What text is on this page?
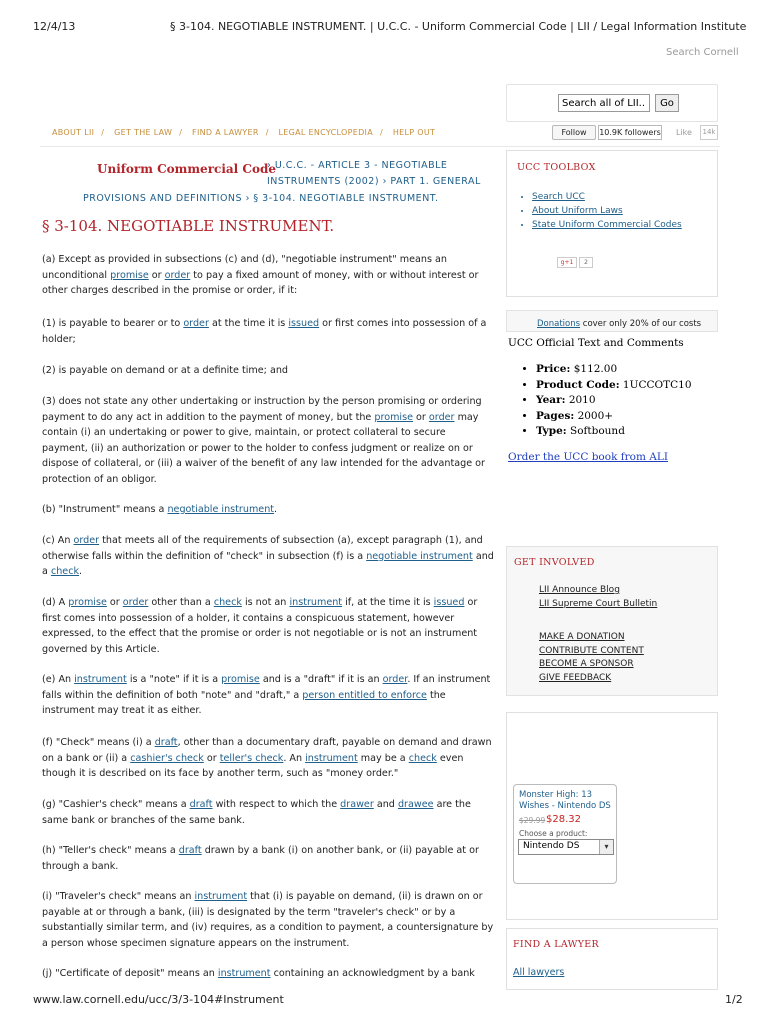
12/4/13	§ 3-104. NEGOTIABLE INSTRUMENT. | U.C.C. - Uniform Commercial Code | LII / Legal Information Institute
www.law.cornell.edu/ucc/3/3-104#Instrument	1/2
Search Cornell
Search all of LII...
Go
ABOUT LII / GET THE LAW / FIND A LAWYER / LEGAL ENCYCLOPEDIA / HELP OUT	Follow	10.9K followers Like	14k
Uniform Commercial Code
› U.C.C. - ARTICLE 3 - NEGOTIABLE
INSTRUMENTS (2002) › PART 1. GENERAL
PROVISIONS AND DEFINITIONS › § 3-104. NEGOTIABLE INSTRUMENT.
§ 3-104. NEGOTIABLE INSTRUMENT.
(a) Except as provided in subsections (c) and (d), "negotiable instrument" means an unconditional promise or order to pay a fixed amount of money, with or without interest or other charges described in the promise or order, if it:
(1) is payable to bearer or to order at the time it is issued or first comes into possession of a holder;
(2) is payable on demand or at a definite time; and
(3) does not state any other undertaking or instruction by the person promising or ordering payment to do any act in addition to the payment of money, but the promise or order may contain (i) an undertaking or power to give, maintain, or protect collateral to secure payment, (ii) an authorization or power to the holder to confess judgment or realize on or dispose of collateral, or (iii) a waiver of the benefit of any law intended for the advantage or protection of an obligor.
(b) "Instrument" means a negotiable instrument.
(c) An order that meets all of the requirements of subsection (a), except paragraph (1), and otherwise falls within the definition of "check" in subsection (f) is a negotiable instrument and a check.
(d) A promise or order other than a check is not an instrument if, at the time it is issued or first comes into possession of a holder, it contains a conspicuous statement, however expressed, to the effect that the promise or order is not negotiable or is not an instrument governed by this Article.
(e) An instrument is a "note" if it is a promise and is a "draft" if it is an order. If an instrument falls within the definition of both "note" and "draft," a person entitled to enforce the instrument may treat it as either.
(f) "Check" means (i) a draft, other than a documentary draft, payable on demand and drawn on a bank or (ii) a cashier's check or teller's check. An instrument may be a check even though it is described on its face by another term, such as "money order."
(g) "Cashier's check" means a draft with respect to which the drawer and drawee are the same bank or branches of the same bank.
(h) "Teller's check" means a draft drawn by a bank (i) on another bank, or (ii) payable at or through a bank.
(i) "Traveler's check" means an instrument that (i) is payable on demand, (ii) is drawn on or payable at or through a bank, (iii) is designated by the term "traveler's check" or by a substantially similar term, and (iv) requires, as a condition to payment, a countersignature by a person whose specimen signature appears on the instrument.
(j) "Certificate of deposit" means an instrument containing an acknowledgment by a bank
UCC TOOLBOX
• Search UCC
• About Uniform Laws
• State Uniform Commercial Codes
g+1	2
Donations cover only 20% of our costs
UCC Official Text and Comments
• Price: $112.00
• Product Code: 1UCCOTC10
• Year: 2010
• Pages: 2000+
• Type: Softbound
Order the UCC book from ALI
GET INVOLVED
LII Announce Blog
LII Supreme Court Bulletin
MAKE A DONATION
CONTRIBUTE CONTENT
BECOME A SPONSOR
GIVE FEEDBACK
Monster High: 13 Wishes - Nintendo DS
$29.99 $28.32
Choose a product:
Nintendo DS	▾
FIND A LAWYER
All lawyers
